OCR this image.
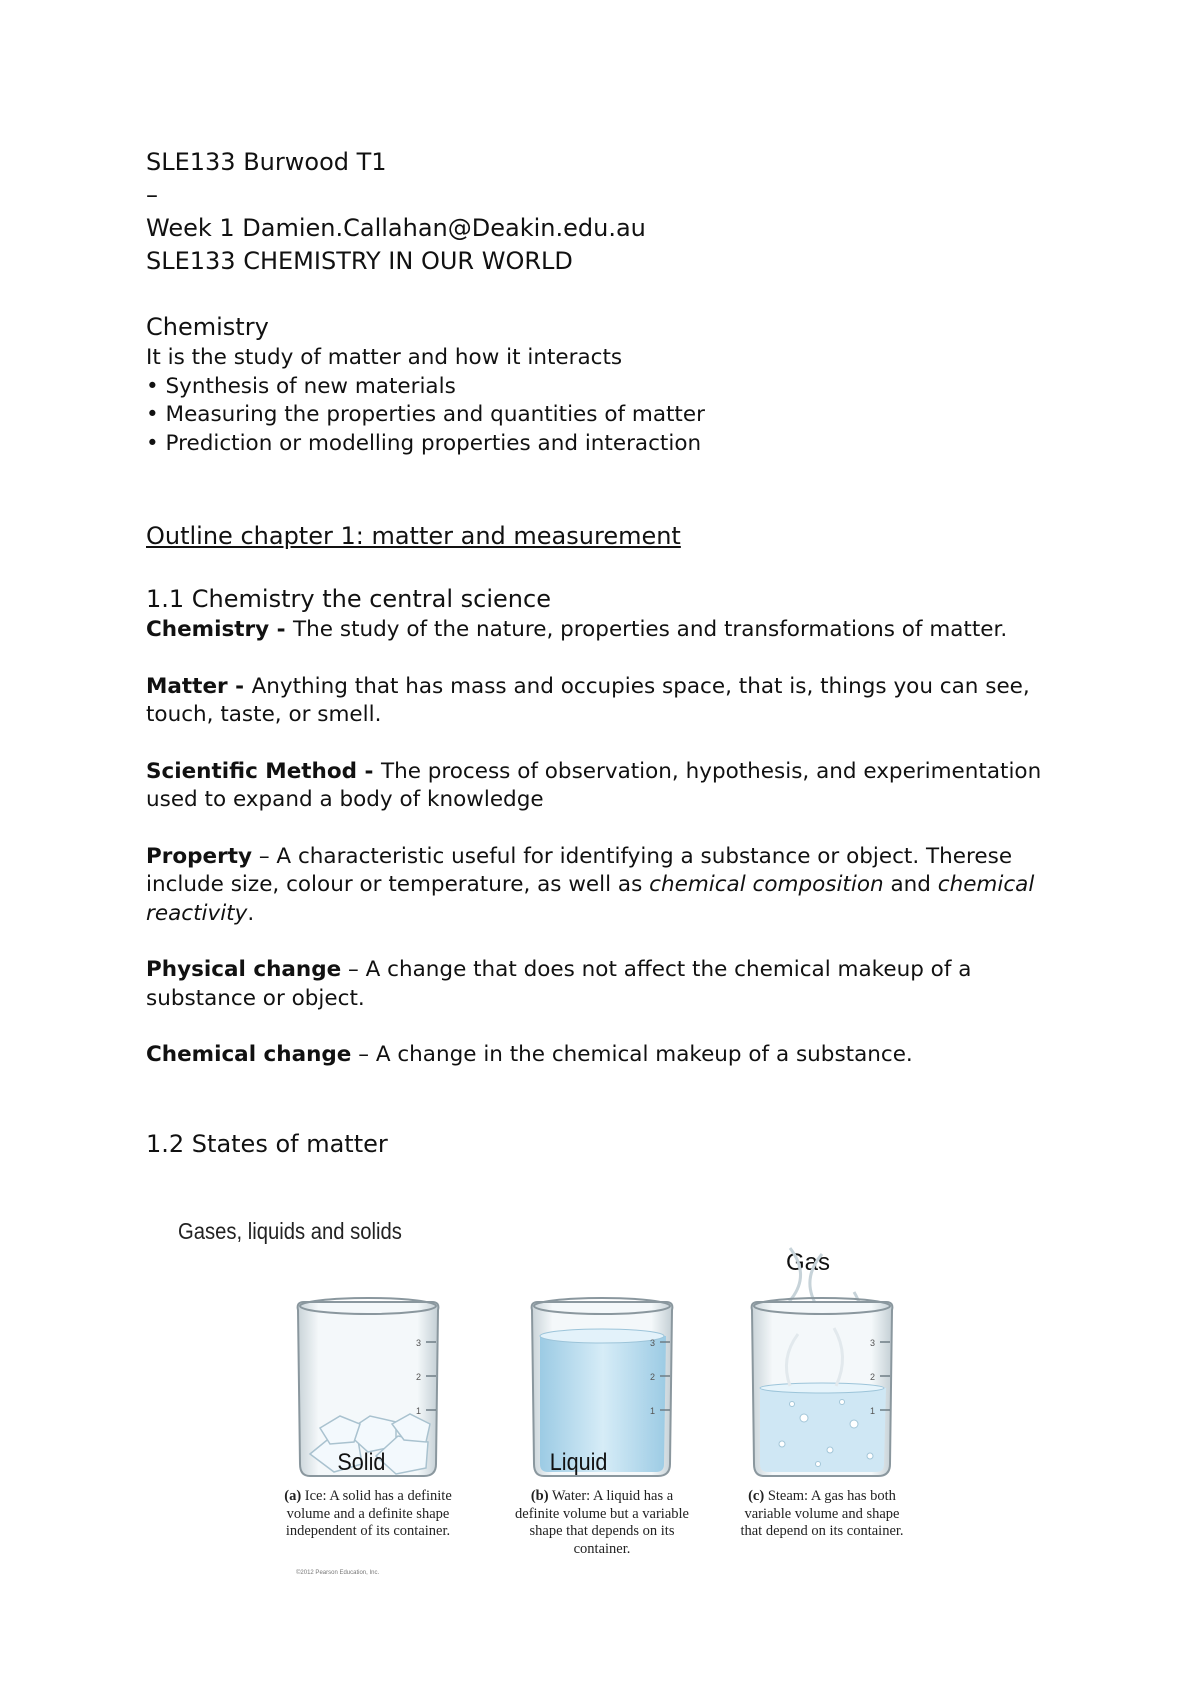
SLE133 Burwood T1

–

Week 1 Damien.Callahan@Deakin.edu.au

SLE133 CHEMISTRY IN OUR WORLD

Chemistry

It is the study of matter and how it interacts

• Synthesis of new materials

• Measuring the properties and quantities of matter

• Prediction or modelling properties and interaction

Outline chapter 1: matter and measurement

1.1 Chemistry the central science

Chemistry - The study of the nature, properties and transformations of matter.

Matter - Anything that has mass and occupies space, that is, things you can see, touch, taste, or smell.

Scientific Method - The process of observation, hypothesis, and experimentation used to expand a body of knowledge

Property – A characteristic useful for identifying a substance or object. Therese include size, colour or temperature, as well as chemical composition and chemical reactivity.

Physical change – A change that does not affect the chemical makeup of a substance or object.

Chemical change – A change in the chemical makeup of a substance.

1.2 States of matter

Gases, liquids and solids
Solid
3
2
1
Liquid
3
2
1
Gas
3
2
1
(a) Ice: A solid has a definite volume and a definite shape independent of its container.
(b) Water: A liquid has a definite volume but a variable shape that depends on its container.
(c) Steam: A gas has both variable volume and shape that depend on its container.
©2012 Pearson Education, Inc.
